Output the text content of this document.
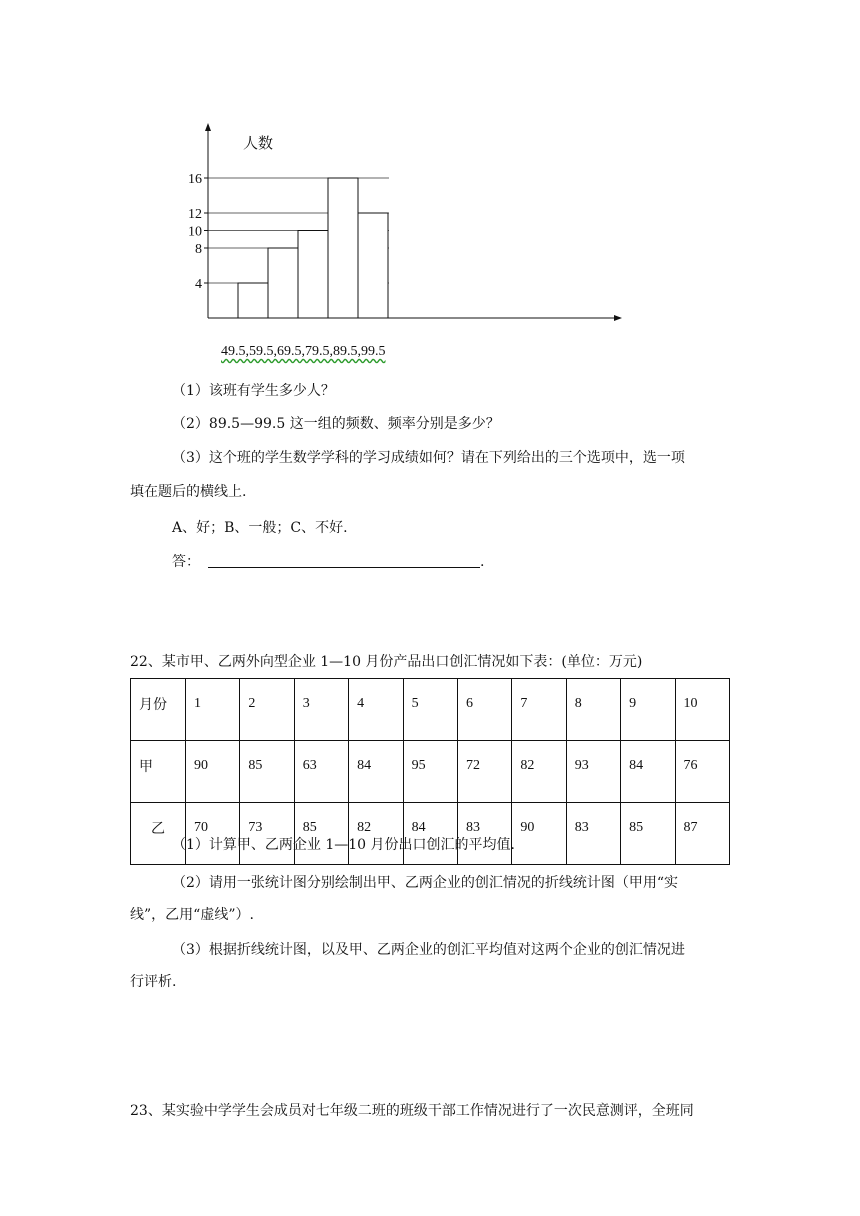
16
12
10
8
4
人数
49.5,59.5,69.5,79.5,89.5,99.5
（1）该班有学生多少人？
（2）89.5—99.5 这一组的频数、频率分别是多少？
（3）这个班的学生数学学科的学习成绩如何？请在下列给出的三个选项中，选一项
填在题后的横线上.
A、好；B、一般；C、不好.
答：	.
22、某市甲、乙两外向型企业 1—10 月份产品出口创汇情况如下表：(单位：万元)
月份	1	2	3	4	5	6	7	8	9	10
甲	90	85	63	84	95	72	82	93	84	76
乙	70	73	85	82	84	83	90	83	85	87
（1）计算甲、乙两企业 1—10 月份出口创汇的平均值.
（2）请用一张统计图分别绘制出甲、乙两企业的创汇情况的折线统计图（甲用“实
线”，乙用“虚线”）.
（3）根据折线统计图，以及甲、乙两企业的创汇平均值对这两个企业的创汇情况进
行评析.
23、某实验中学学生会成员对七年级二班的班级干部工作情况进行了一次民意测评，全班同
